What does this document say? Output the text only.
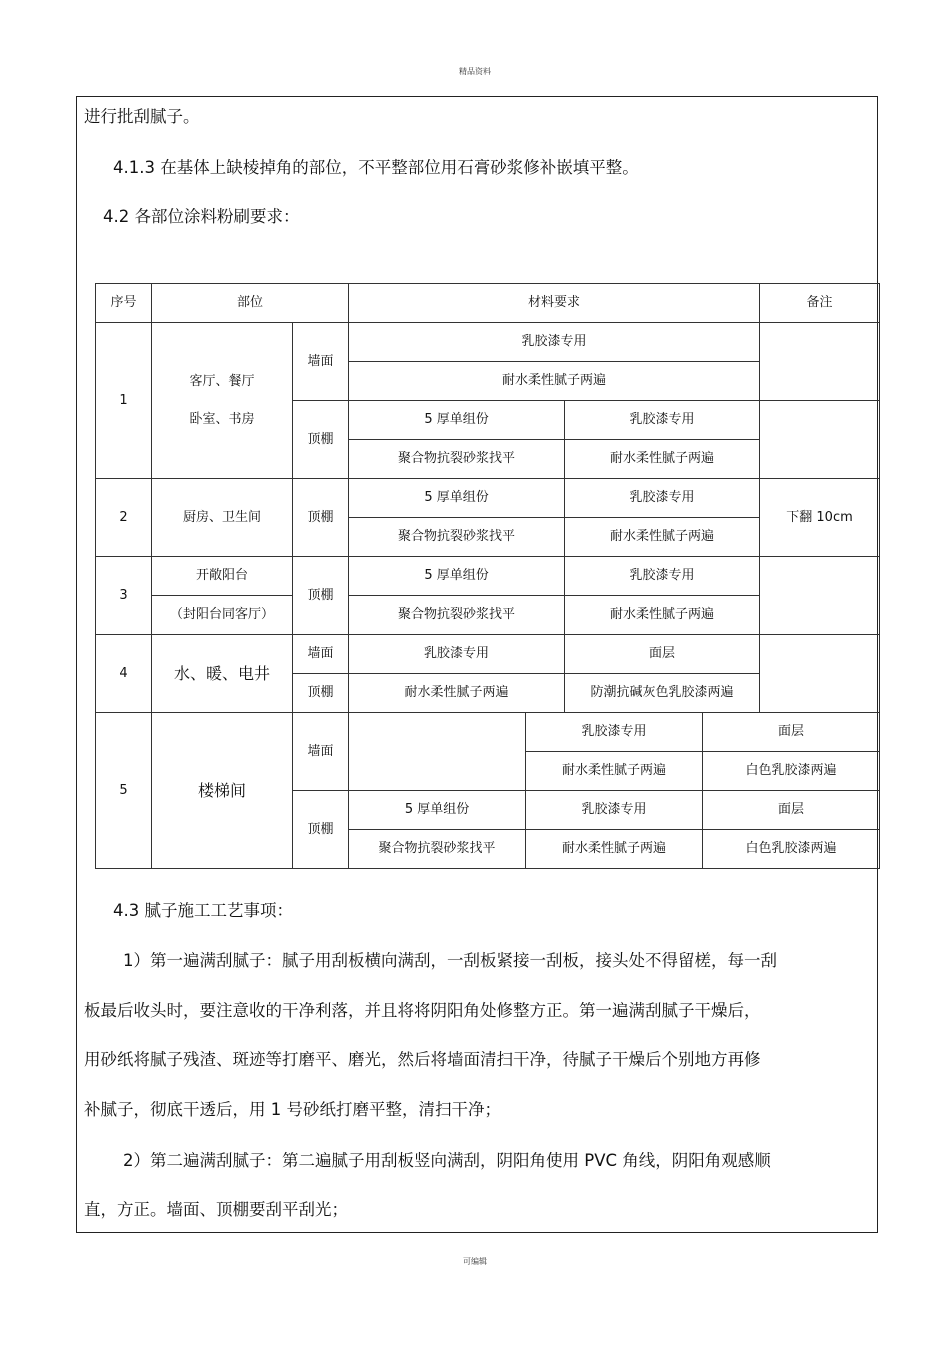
精品资料
进行批刮腻子。
4.1.3 在基体上缺棱掉角的部位，不平整部位用石膏砂浆修补嵌填平整。
4.2 各部位涂料粉刷要求：
序号	部位		材料要求				备注
1	客厅、餐厅
卧室、书房	墙面	乳胶漆专用				
			耐水柔性腻子两遍				
		顶棚	5 厚单组份		乳胶漆专用		
			聚合物抗裂砂浆找平		耐水柔性腻子两遍		
2	厨房、卫生间	顶棚	5 厚单组份		乳胶漆专用		下翻 10cm
			聚合物抗裂砂浆找平		耐水柔性腻子两遍		
3	开敞阳台	顶棚	5 厚单组份		乳胶漆专用		
	（封阳台同客厅）		聚合物抗裂砂浆找平		耐水柔性腻子两遍		
4	水、暖、电井	墙面	乳胶漆专用		面层		
		顶棚	耐水柔性腻子两遍		防潮抗碱灰色乳胶漆两遍		
5	楼梯间	墙面		乳胶漆专用		面层	
				耐水柔性腻子两遍		白色乳胶漆两遍	
		顶棚	5 厚单组份	乳胶漆专用		面层	
			聚合物抗裂砂浆找平	耐水柔性腻子两遍		白色乳胶漆两遍	
4.3 腻子施工工艺事项：
1）第一遍满刮腻子：腻子用刮板横向满刮，一刮板紧接一刮板，接头处不得留槎，每一刮
板最后收头时，要注意收的干净利落，并且将将阴阳角处修整方正。第一遍满刮腻子干燥后，
用砂纸将腻子残渣、斑迹等打磨平、磨光，然后将墙面清扫干净，待腻子干燥后个别地方再修
补腻子，彻底干透后，用 1 号砂纸打磨平整，清扫干净；
2）第二遍满刮腻子：第二遍腻子用刮板竖向满刮，阴阳角使用 PVC 角线，阴阳角观感顺
直，方正。墙面、顶棚要刮平刮光；
可编辑
